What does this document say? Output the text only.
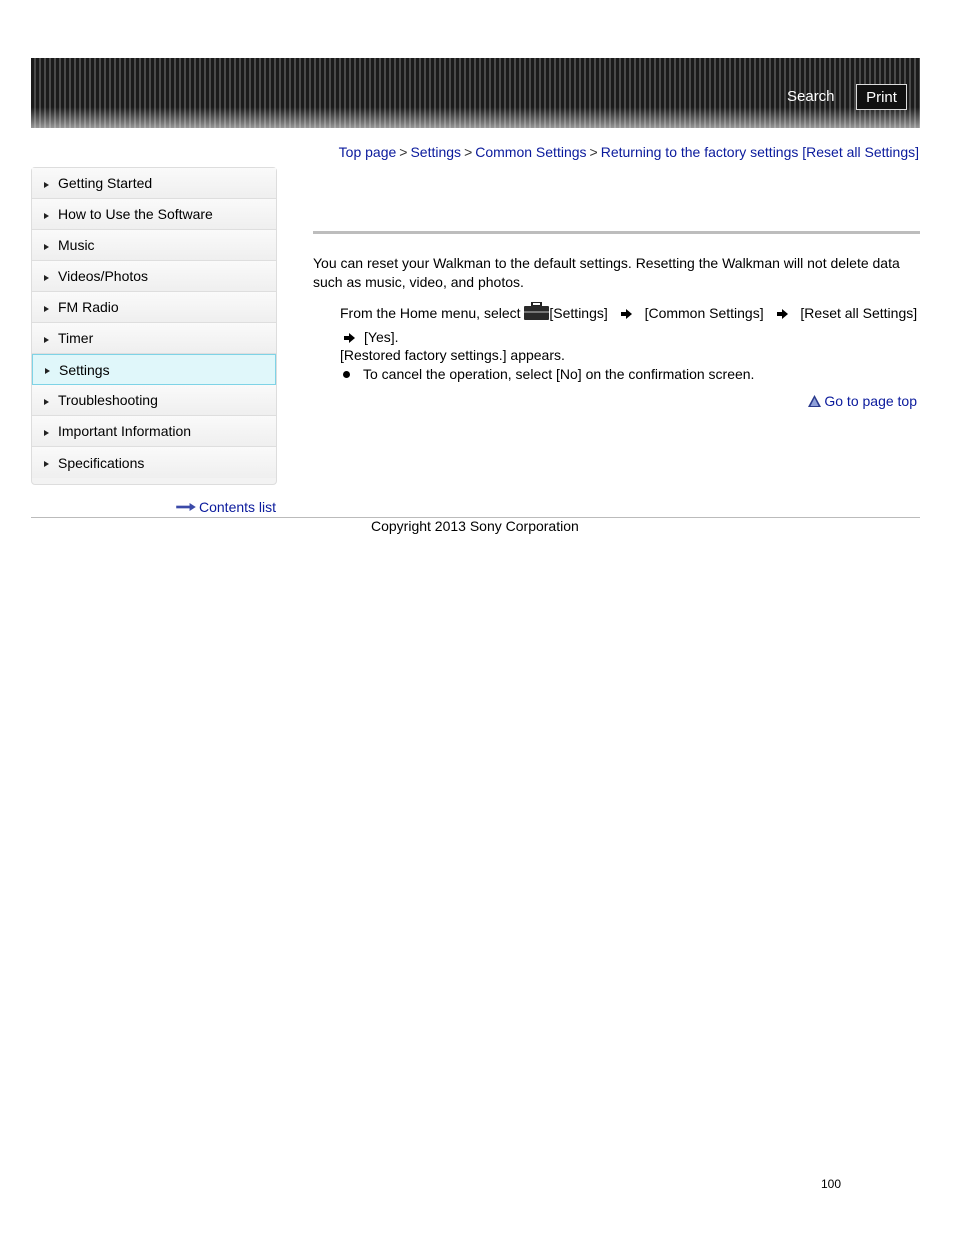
Search	Print
Top page > Settings > Common Settings > Returning to the factory settings [Reset all Settings]
Getting Started
How to Use the Software
Music
Videos/Photos
FM Radio
Timer
Settings
Troubleshooting
Important Information
Specifications
Contents list
You can reset your Walkman to the default settings. Resetting the Walkman will not delete data such as music, video, and photos.
From the Home menu, select [Settings]	[Common Settings]	[Reset all Settings]
[Yes].
[Restored factory settings.] appears.
To cancel the operation, select [No] on the confirmation screen.
Go to page top
Copyright 2013 Sony Corporation
100
